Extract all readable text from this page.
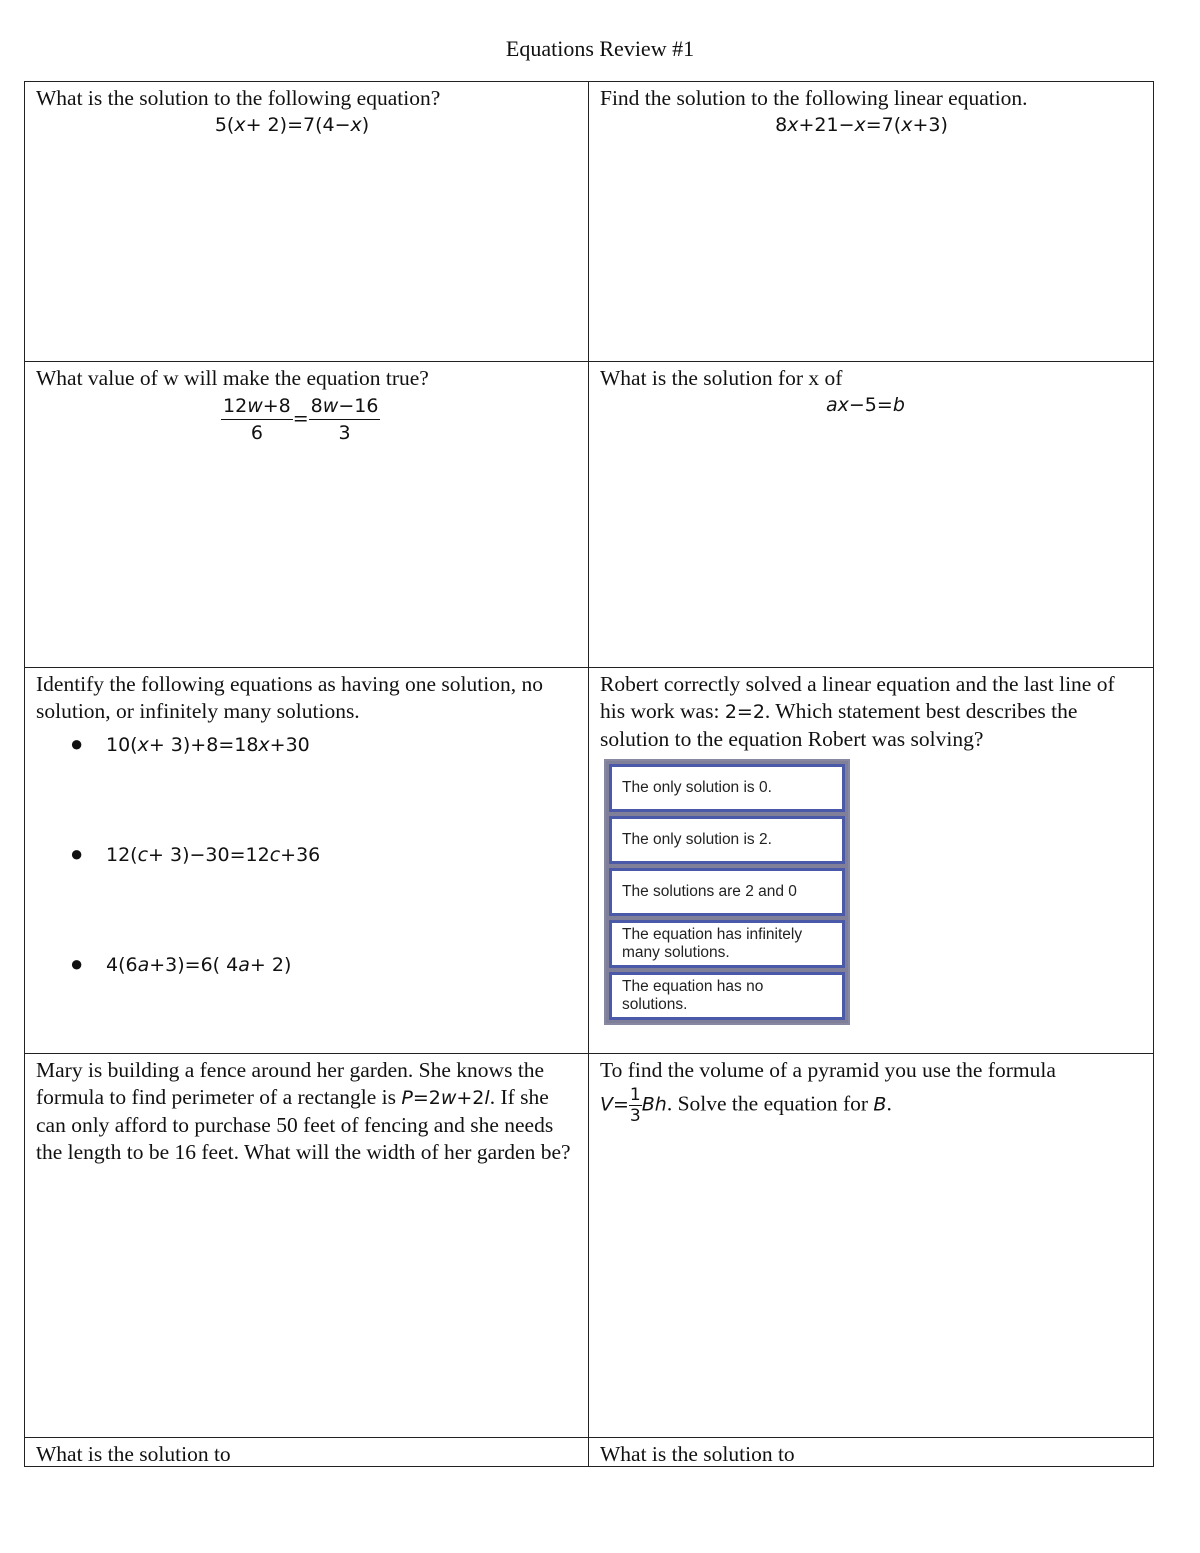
Equations Review #1
What is the solution to the following equation?
5(x+ 2)=7(4−x)
Find the solution to the following linear equation.
8x+21−x=7(x+3)
What value of w will make the equation true?
$\frac{12w+8}{6} = \frac{8w-16}{3}$
What is the solution for x of
ax−5=b
Identify the following equations as having one solution, no solution, or infinitely many solutions.
● 10(x+ 3)+8=18x+30
● 12(c+ 3)−30=12c+36
● 4(6a+3)=6( 4a+ 2)
Robert correctly solved a linear equation and the last line of his work was: 2=2. Which statement best describes the solution to the equation Robert was solving?
The only solution is 0.
The only solution is 2.
The solutions are 2 and 0
The equation has infinitely many solutions.
The equation has no solutions.
Mary is building a fence around her garden. She knows the formula to find perimeter of a rectangle is P=2w+2l. If she can only afford to purchase 50 feet of fencing and she needs the length to be 16 feet. What will the width of her garden be?
To find the volume of a pyramid you use the formula
$V= \frac{1}{3} Bh$. Solve the equation for B.
What is the solution to	What is the solution to
